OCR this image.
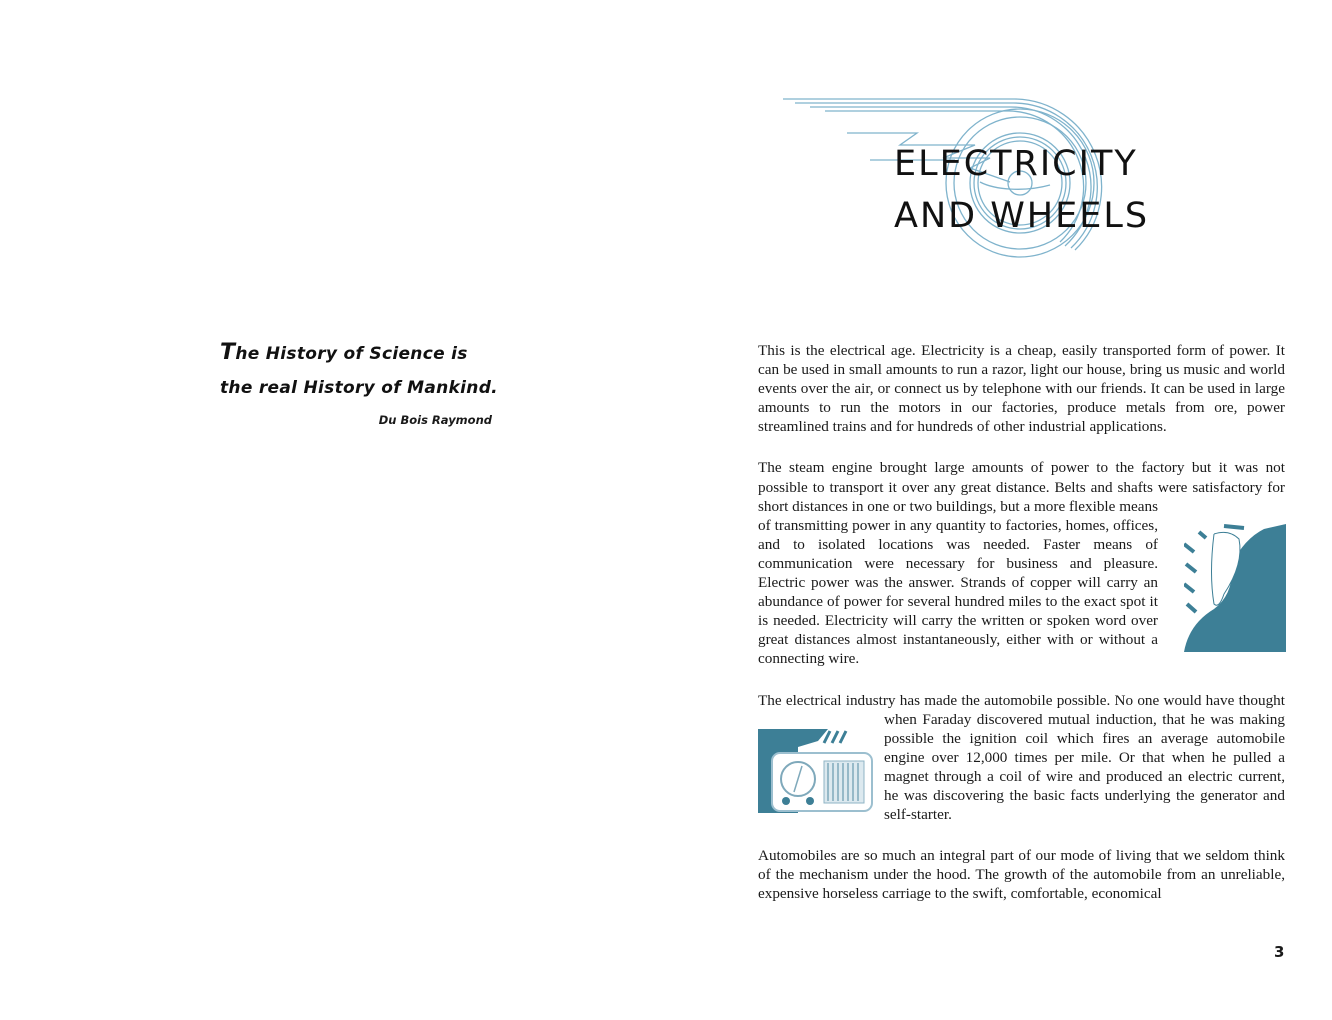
The History of Science is
the real History of Mankind.
Du Bois Raymond
ELECTRICITY
AND WHEELS

This is the electrical age. Electricity is a cheap, easily transported form of power. It can be used in small amounts to run a razor, light our house, bring us music and world events over the air, or connect us by telephone with our friends. It can be used in large amounts to run the motors in our factories, produce metals from ore, power streamlined trains and for hundreds of other industrial applications.

The steam engine brought large amounts of power to the factory but it was not possible to transport it over any great distance. Belts and shafts were satisfactory for short distances in one or two buildings, but a more flexible means of transmitting power in any quantity to factories, homes, offices, and to isolated locations was needed. Faster means of communication were necessary for business and pleasure. Electric power was the answer. Strands of copper will carry an abundance of power for several hundred miles to the exact spot it is needed. Electricity will carry the written or spoken word over great distances almost instantaneously, either with or without a connecting wire.

The electrical industry has made the automobile possible. No one would have thought when Faraday discovered mutual induction, that he was making possible the ignition coil which fires an average automobile engine over 12,000 times per mile. Or that when he pulled a magnet through a coil of wire and produced an electric current, he was discovering the basic facts underlying the generator and self-starter.

Automobiles are so much an integral part of our mode of living that we seldom think of the mechanism under the hood. The growth of the automobile from an unreliable, expensive horseless carriage to the swift, comfortable, economical

3
